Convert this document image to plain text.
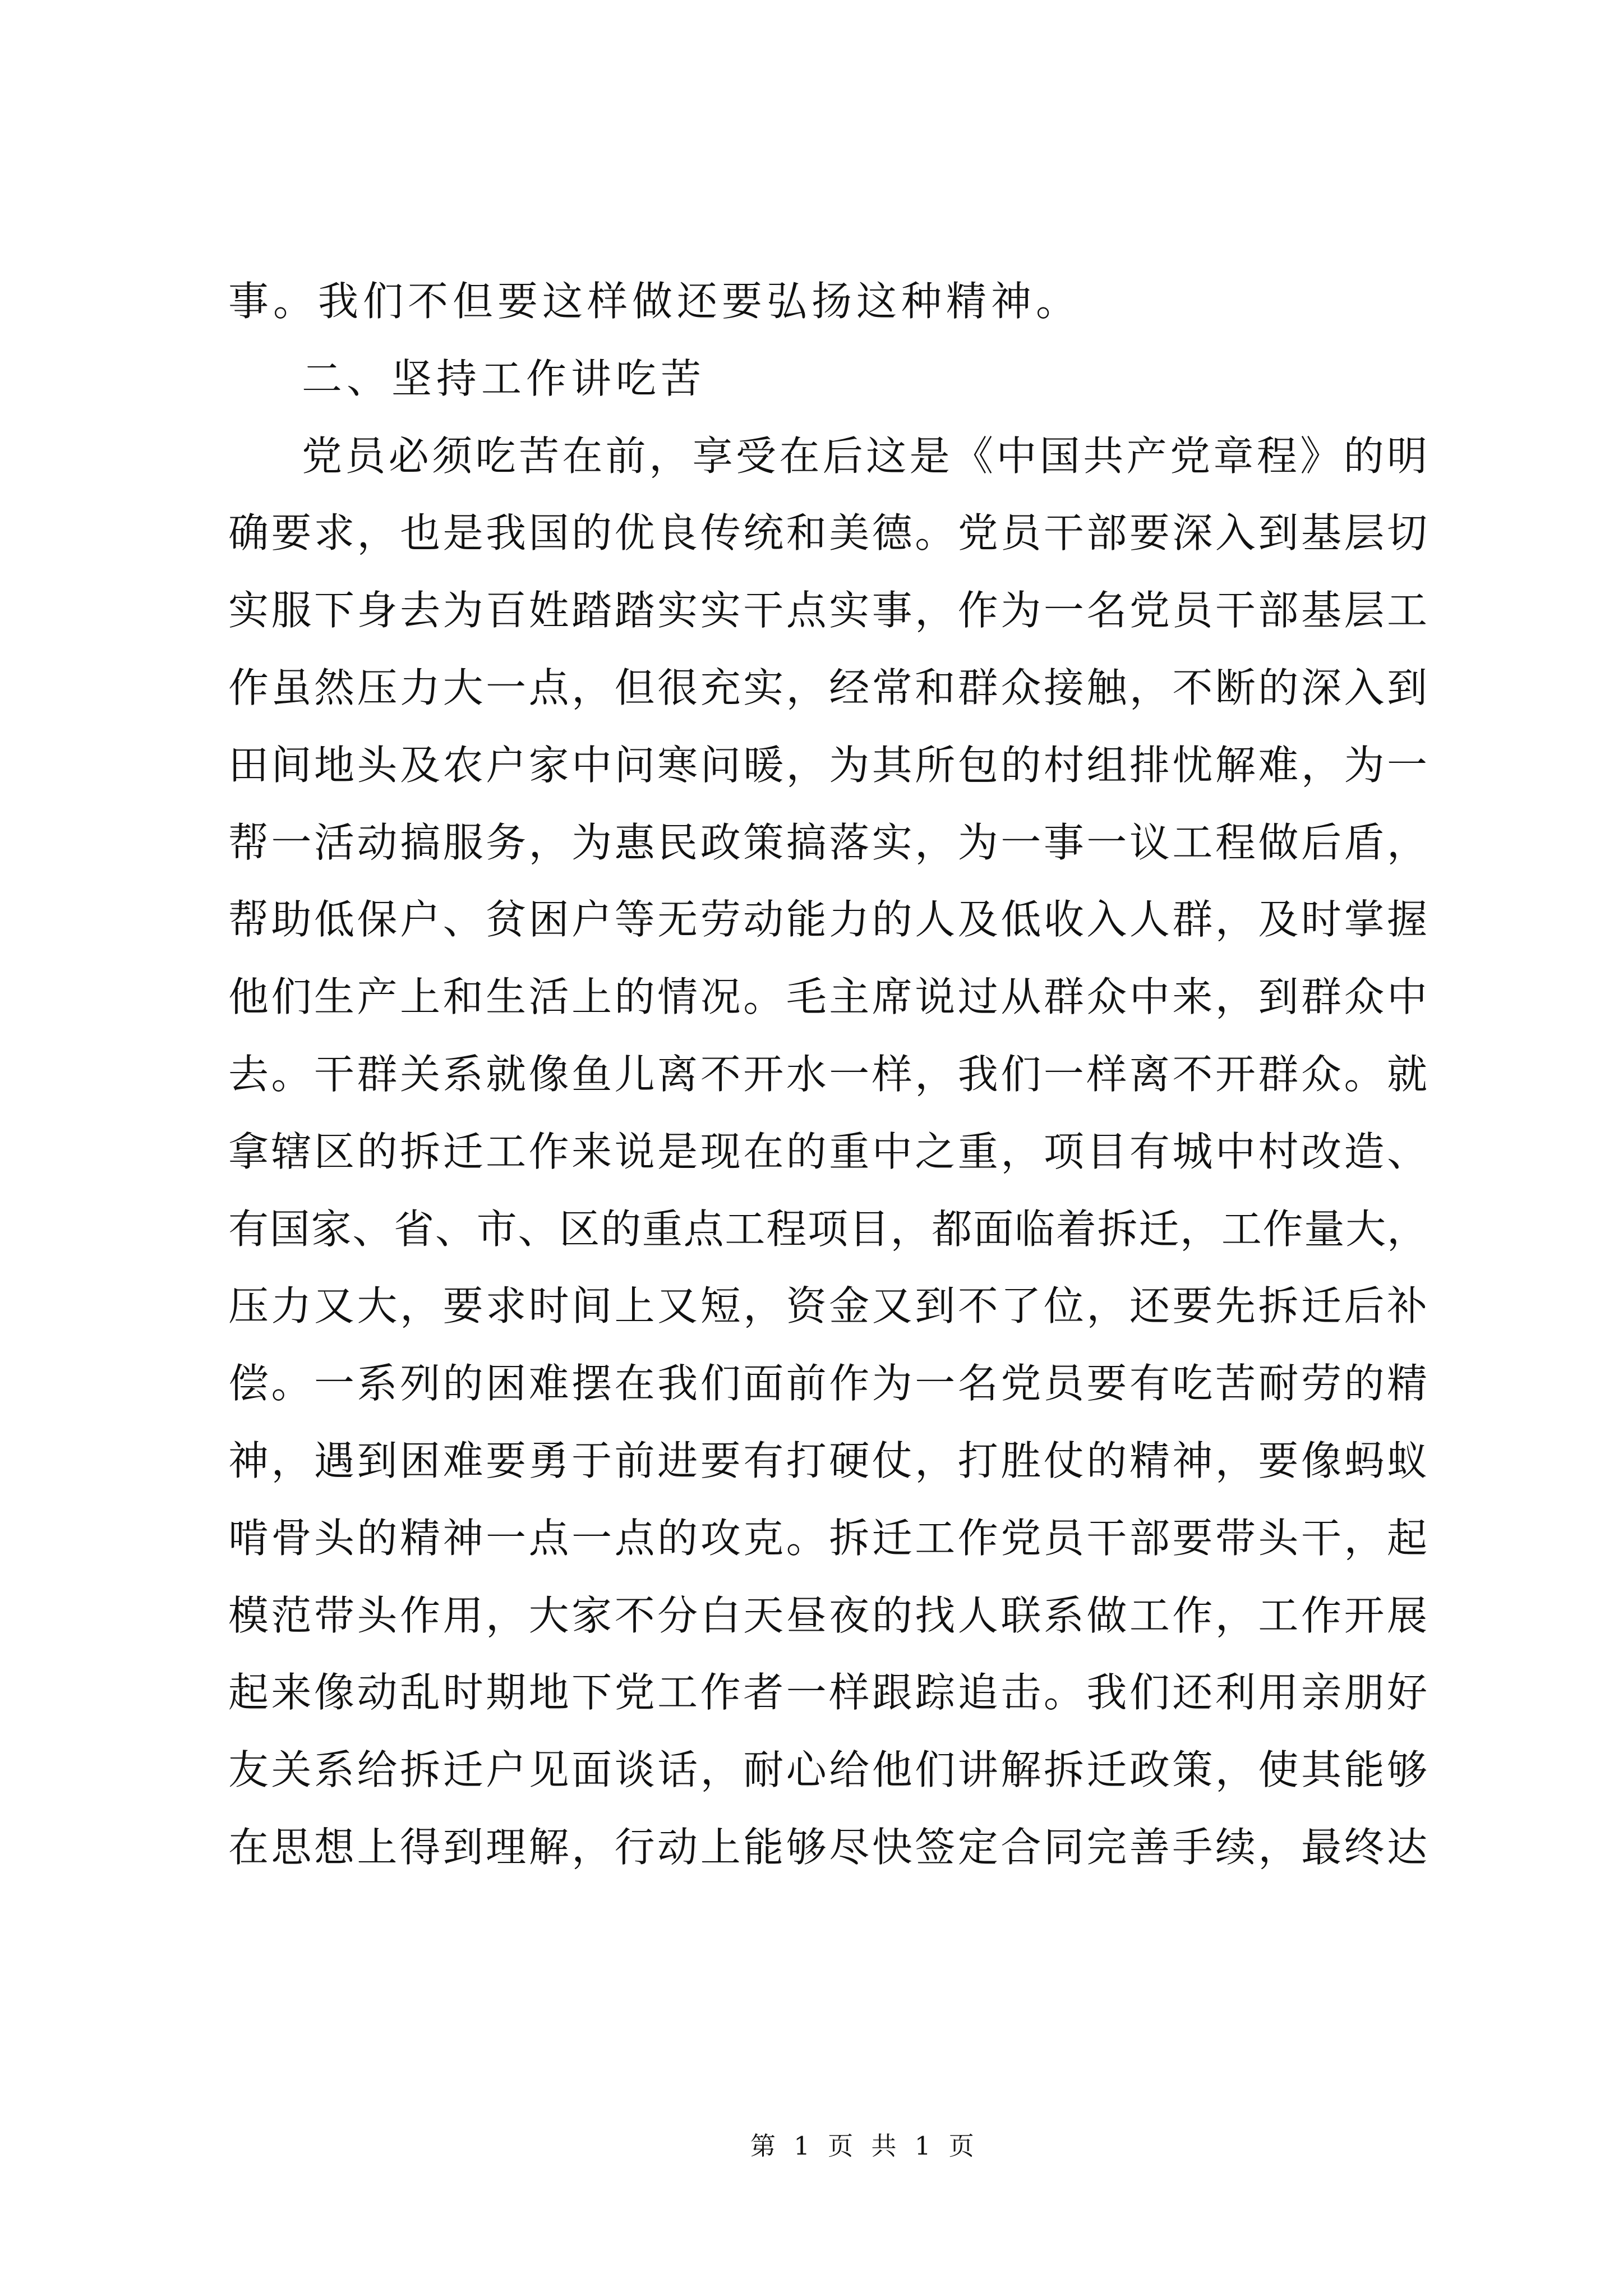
事。我们不但要这样做还要弘扬这种精神。
二、坚持工作讲吃苦
党员必须吃苦在前，享受在后这是《中国共产党章程》的明
确要求，也是我国的优良传统和美德。党员干部要深入到基层切
实服下身去为百姓踏踏实实干点实事，作为一名党员干部基层工
作虽然压力大一点，但很充实，经常和群众接触，不断的深入到
田间地头及农户家中问寒问暖，为其所包的村组排忧解难，为一
帮一活动搞服务，为惠民政策搞落实，为一事一议工程做后盾，
帮助低保户、贫困户等无劳动能力的人及低收入人群，及时掌握
他们生产上和生活上的情况。毛主席说过从群众中来，到群众中
去。干群关系就像鱼儿离不开水一样，我们一样离不开群众。就
拿辖区的拆迁工作来说是现在的重中之重，项目有城中村改造、
有国家、省、市、区的重点工程项目，都面临着拆迁，工作量大，
压力又大，要求时间上又短，资金又到不了位，还要先拆迁后补
偿。一系列的困难摆在我们面前作为一名党员要有吃苦耐劳的精
神，遇到困难要勇于前进要有打硬仗，打胜仗的精神，要像蚂蚁
啃骨头的精神一点一点的攻克。拆迁工作党员干部要带头干，起
模范带头作用，大家不分白天昼夜的找人联系做工作，工作开展
起来像动乱时期地下党工作者一样跟踪追击。我们还利用亲朋好
友关系给拆迁户见面谈话，耐心给他们讲解拆迁政策，使其能够
在思想上得到理解，行动上能够尽快签定合同完善手续，最终达
第 1 页 共 1 页
